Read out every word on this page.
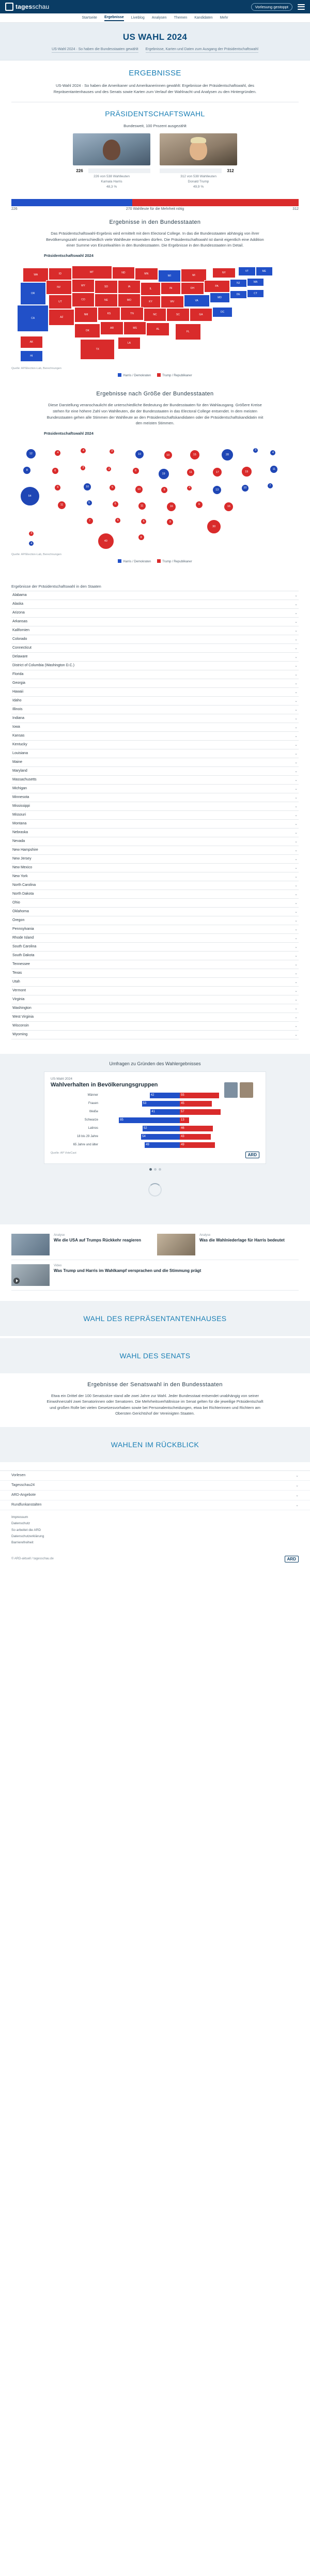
tagesschau	Vorlesung gestoppt
Startseite Ergebnisse Liveblog Analysen Themen Kandidaten Mehr
US WAHL 2024
US-Wahl 2024 · So haben die Bundesstaaten gewählt Ergebnisse, Karten und Daten zum Ausgang der Präsidentschaftswahl
ERGEBNISSE

US-Wahl 2024 · So haben die Amerikaner und Amerikanerinnen gewählt: Ergebnisse der Präsidentschaftswahl, des Repräsentantenhauses und des Senats sowie Karten zum Verlauf der Wahlnacht und Analysen zu den Hintergründen.

PRÄSIDENTSCHAFTSWAHL
Bundesweit, 100 Prozent ausgezählt
226
226 von 538 Wahlleuten
Kamala Harris
48,3 %
312
312 von 538 Wahlleuten
Donald Trump
49,9 %
226	270 Wahlleute für die Mehrheit nötig	312
Ergebnisse in den Bundesstaaten

Das Präsidentschaftswahl-Ergebnis wird ermittelt mit dem Electoral College. In das die Bundesstaaten abhängig von ihrer Bevölkerungszahl unterschiedlich viele Wahlleute entsenden dürfen. Die Präsidentschaftswahl ist damit eigentlich eine Addition einer Summe von Einzelwahlen in den Bundesstaaten. Die Ergebnisse in den Bundesstaaten im Detail.

Präsidentschaftswahl 2024
WA	ID	MT	ND	MN
WI	MI
NY	VT	ME
OR
NV	WY	SD	IA
IL	IN	OH
PA
NJ	MA
CA
UT
CO	NE	MO	KY	WV	VA
MD
DE	CT
AZ
NM	KS	TN	NC	SC	GA
DC
OK
AR	MS	AL
FL
TX
LA
AK
HI
Quelle: AP/Election-Lab, Berechnungen
Harris / Demokraten	Trump / Republikaner
Ergebnisse nach Größe der Bundesstaaten

Diese Darstellung veranschaulicht die unterschiedliche Bedeutung der Bundesstaaten für den Wahlausgang. Größere Kreise stehen für eine höhere Zahl von Wahlleuten, die der Bundesstaaten in das Electoral College entsendet. In dem meisten Bundesstaaten gehen alle Stimmen der Wahlleute an den Präsidentschaftskandidaten oder die Präsidentschaftskandidatin mit den meisten Stimmen.

Präsidentschaftswahl 2024
12	4
4	3
10	10	15	28
3
4
8	6
3	3
6
19	11	17	19
11
54
6	10	5
10	8
4
13
10
7
11
5	6
11	16
9
16
7	6	6	9
30
40
8
3
4
Quelle: AP/Election-Lab, Berechnungen
Harris / Demokraten	Trump / Republikaner
Ergebnisse der Präsidentschaftswahl in den Staaten
Alabama	⌄
Alaska	⌄
Arizona	⌄
Arkansas	⌄
Kalifornien	⌄
Colorado	⌄
Connecticut	⌄
Delaware	⌄
District of Columbia (Washington D.C.)	⌄
Florida	⌄
Georgia	⌄
Hawaii	⌄
Idaho	⌄
Illinois	⌄
Indiana	⌄
Iowa	⌄
Kansas	⌄
Kentucky	⌄
Louisiana	⌄
Maine	⌄
Maryland	⌄
Massachusetts	⌄
Michigan	⌄
Minnesota	⌄
Mississippi	⌄
Missouri	⌄
Montana	⌄
Nebraska	⌄
Nevada	⌄
New Hampshire	⌄
New Jersey	⌄
New Mexico	⌄
New York	⌄
North Carolina	⌄
North Dakota	⌄
Ohio	⌄
Oklahoma	⌄
Oregon	⌄
Pennsylvania	⌄
Rhode Island	⌄
South Carolina	⌄
South Dakota	⌄
Tennessee	⌄
Texas	⌄
Utah	⌄
Vermont	⌄
Virginia	⌄
Washington	⌄
West Virginia	⌄
Wisconsin	⌄
Wyoming	⌄
Umfragen zu Gründen des Wahlergebnisses
US-Wahl 2024
Wahlverhalten in Bevölkerungsgruppen
Männer	42	55
Frauen	53	45
Weiße	41	57
Schwarze	85	13
Latinos	52	46
18 bis 29 Jahre	54	43
65 Jahre und älter	49	49
Quelle: AP VoteCast	ARD
Analyse
Wie die USA auf Trumps Rückkehr reagieren
Analyse
Was die Wahlniederlage für Harris bedeutet
Video
Was Trump und Harris im Wahlkampf versprachen und die Stimmung prägt
WAHL DES REPRÄSENTANTENHAUSES
WAHL DES SENATS
Ergebnisse der Senatswahl in den Bundesstaaten

Etwa ein Drittel der 100 Senatssitze stand alle zwei Jahre zur Wahl. Jeder Bundesstaat entsendet unabhängig von seiner Einwohnerzahl zwei Senatorinnen oder Senatoren. Die Mehrheitsverhältnisse im Senat gelten für die jeweilige Präsidentschaft und großen Rolle bei vielen Gesetzesvorhaben sowie bei Personalentscheidungen, etwa bei Richterinnen und Richtern am Obersten Gerichtshof der Vereinigten Staaten.

WAHLEN IM RÜCKBLICK
Vorlesen	⌄
Tagesschau24	⌄
ARD-Angebote	⌄
Rundfunkanstalten	⌄
Impressum
Datenschutz
So arbeitet die ARD
Datenschutzerklärung
Barrierefreiheit
© ARD-aktuell / tagesschau.de	ARD
